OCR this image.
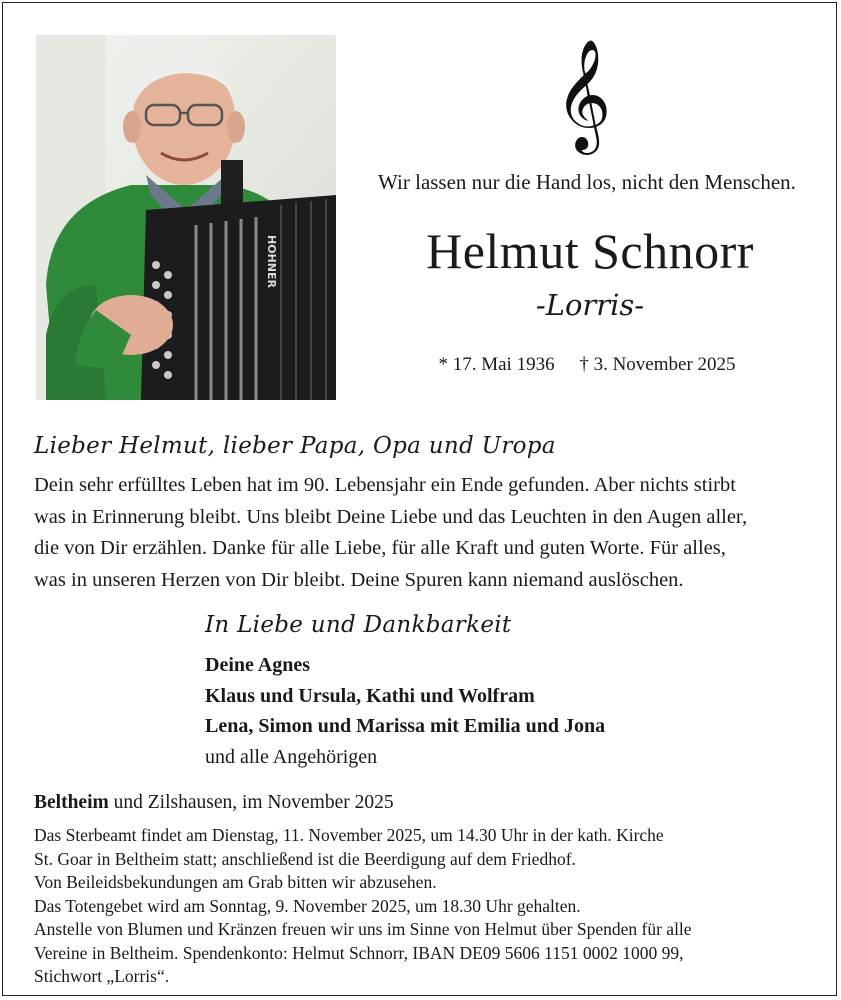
HOHNER
𝄞
Wir lassen nur die Hand los, nicht den Menschen.
Helmut Schnorr
-Lorris-
* 17. Mai 1936 † 3. November 2025
Lieber Helmut, lieber Papa, Opa und Uropa

Dein sehr erfülltes Leben hat im 90. Lebensjahr ein Ende gefunden. Aber nichts stirbt

was in Erinnerung bleibt. Uns bleibt Deine Liebe und das Leuchten in den Augen aller,

die von Dir erzählen. Danke für alle Liebe, für alle Kraft und guten Worte. Für alles,

was in unseren Herzen von Dir bleibt. Deine Spuren kann niemand auslöschen.

In Liebe und Dankbarkeit
Deine Agnes
Klaus und Ursula, Kathi und Wolfram
Lena, Simon und Marissa mit Emilia und Jona
und alle Angehörigen
Beltheim und Zilshausen, im November 2025
Das Sterbeamt findet am Dienstag, 11. November 2025, um 14.30 Uhr in der kath. Kirche
St. Goar in Beltheim statt; anschließend ist die Beerdigung auf dem Friedhof.
Von Beileidsbekundungen am Grab bitten wir abzusehen.
Das Totengebet wird am Sonntag, 9. November 2025, um 18.30 Uhr gehalten.
Anstelle von Blumen und Kränzen freuen wir uns im Sinne von Helmut über Spenden für alle
Vereine in Beltheim. Spendenkonto: Helmut Schnorr, IBAN DE09 5606 1151 0002 1000 99,
Stichwort „Lorris“.
